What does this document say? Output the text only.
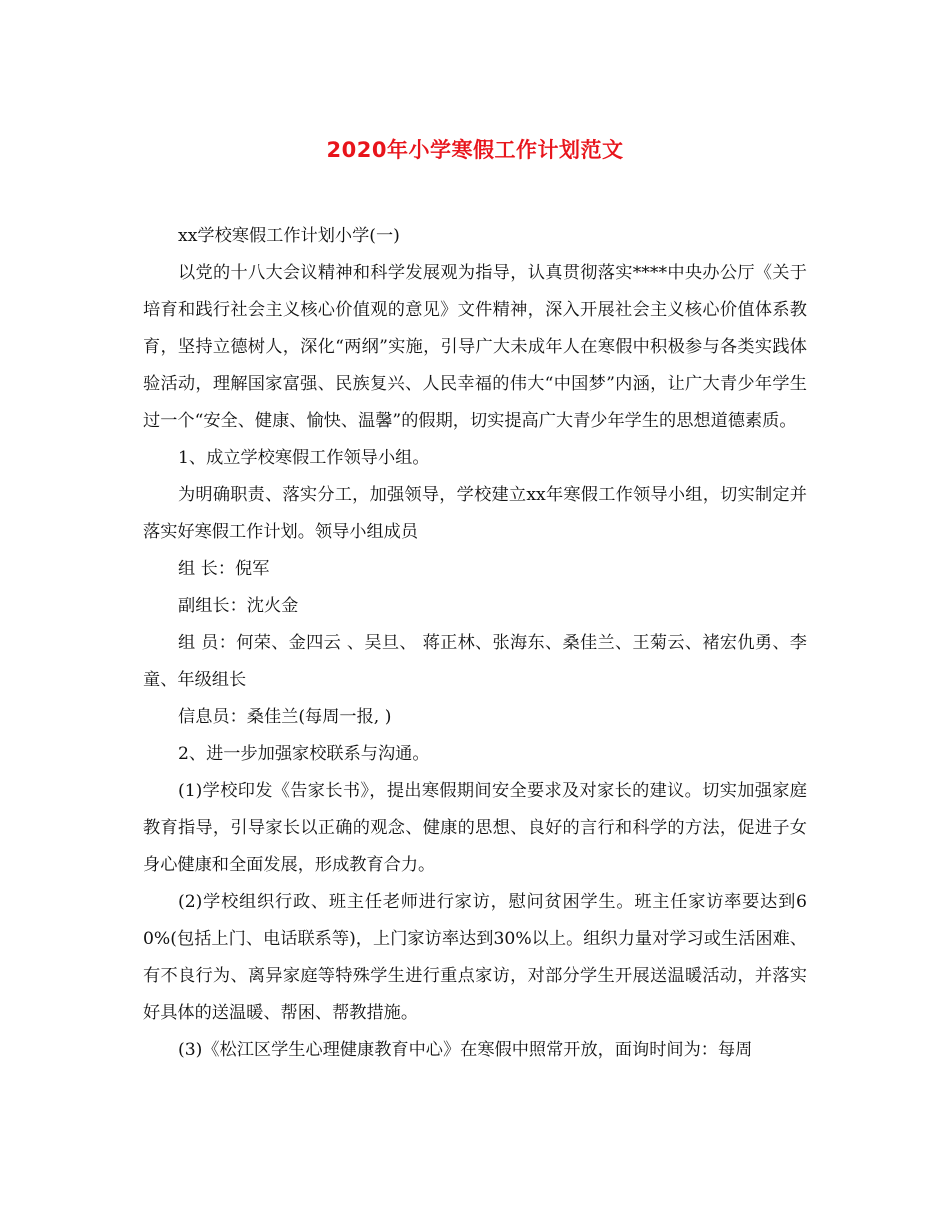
2020年小学寒假工作计划范文

xx学校寒假工作计划小学(一)

以党的十八大会议精神和科学发展观为指导，认真贯彻落实****中央办公厅《关于培育和践行社会主义核心价值观的意见》文件精神，深入开展社会主义核心价值体系教育，坚持立德树人，深化“两纲”实施，引导广大未成年人在寒假中积极参与各类实践体验活动，理解国家富强、民族复兴、人民幸福的伟大“中国梦”内涵，让广大青少年学生过一个“安全、健康、愉快、温馨”的假期，切实提高广大青少年学生的思想道德素质。

1、成立学校寒假工作领导小组。

为明确职责、落实分工，加强领导，学校建立xx年寒假工作领导小组，切实制定并落实好寒假工作计划。领导小组成员

组 长：倪军

副组长：沈火金

组 员：何荣、金四云 、吴旦、 蒋正林、张海东、桑佳兰、王菊云、褚宏仇勇、李童、年级组长

信息员：桑佳兰(每周一报, )

2、进一步加强家校联系与沟通。

(1)学校印发《告家长书》，提出寒假期间安全要求及对家长的建议。切实加强家庭教育指导，引导家长以正确的观念、健康的思想、良好的言行和科学的方法，促进子女身心健康和全面发展，形成教育合力。

(2)学校组织行政、班主任老师进行家访，慰问贫困学生。班主任家访率要达到60%(包括上门、电话联系等)，上门家访率达到30%以上。组织力量对学习或生活困难、有不良行为、离异家庭等特殊学生进行重点家访，对部分学生开展送温暖活动，并落实好具体的送温暖、帮困、帮教措施。

(3)《松江区学生心理健康教育中心》在寒假中照常开放，面询时间为：每周
